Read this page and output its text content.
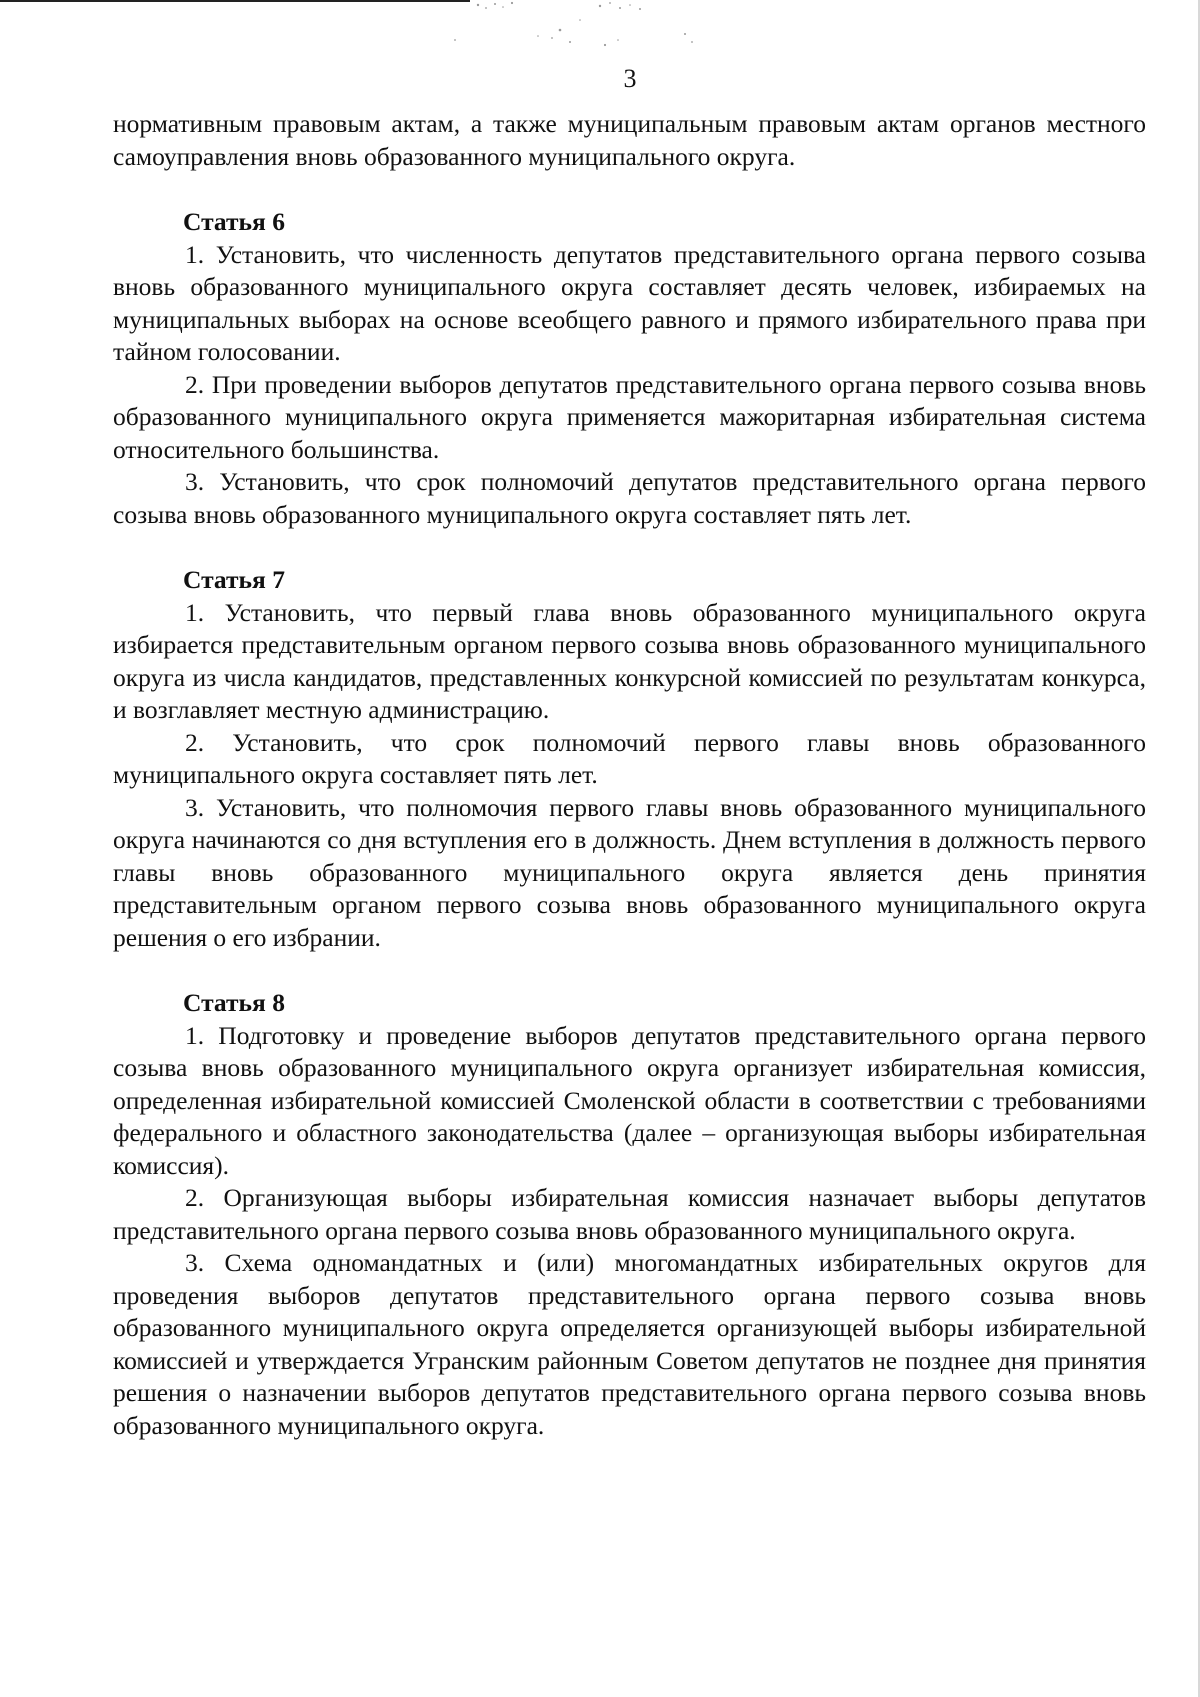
3

нормативным правовым актам, а также муниципальным правовым актам органов местного самоуправления вновь образованного муниципального округа.

Статья 6

1. Установить, что численность депутатов представительного органа первого созыва вновь образованного муниципального округа составляет десять человек, избираемых на муниципальных выборах на основе всеобщего равного и прямого избирательного права при тайном голосовании.

2. При проведении выборов депутатов представительного органа первого созыва вновь образованного муниципального округа применяется мажоритарная избирательная система относительного большинства.

3. Установить, что срок полномочий депутатов представительного органа первого созыва вновь образованного муниципального округа составляет пять лет.

Статья 7

1. Установить, что первый глава вновь образованного муниципального округа избирается представительным органом первого созыва вновь образованного муниципального округа из числа кандидатов, представленных конкурсной комиссией по результатам конкурса, и возглавляет местную администрацию.

2. Установить, что срок полномочий первого главы вновь образованного муниципального округа составляет пять лет.

3. Установить, что полномочия первого главы вновь образованного муниципального округа начинаются со дня вступления его в должность. Днем вступления в должность первого главы вновь образованного муниципального округа является день принятия представительным органом первого созыва вновь образованного муниципального округа решения о его избрании.

Статья 8

1. Подготовку и проведение выборов депутатов представительного органа первого созыва вновь образованного муниципального округа организует избирательная комиссия, определенная избирательной комиссией Смоленской области в соответствии с требованиями федерального и областного законодательства (далее – организующая выборы избирательная комиссия).

2. Организующая выборы избирательная комиссия назначает выборы депутатов представительного органа первого созыва вновь образованного муниципального округа.

3. Схема одномандатных и (или) многомандатных избирательных округов для проведения выборов депутатов представительного органа первого созыва вновь образованного муниципального округа определяется организующей выборы избирательной комиссией и утверждается Угранским районным Советом депутатов не позднее дня принятия решения о назначении выборов депутатов представительного органа первого созыва вновь образованного муниципального округа.
